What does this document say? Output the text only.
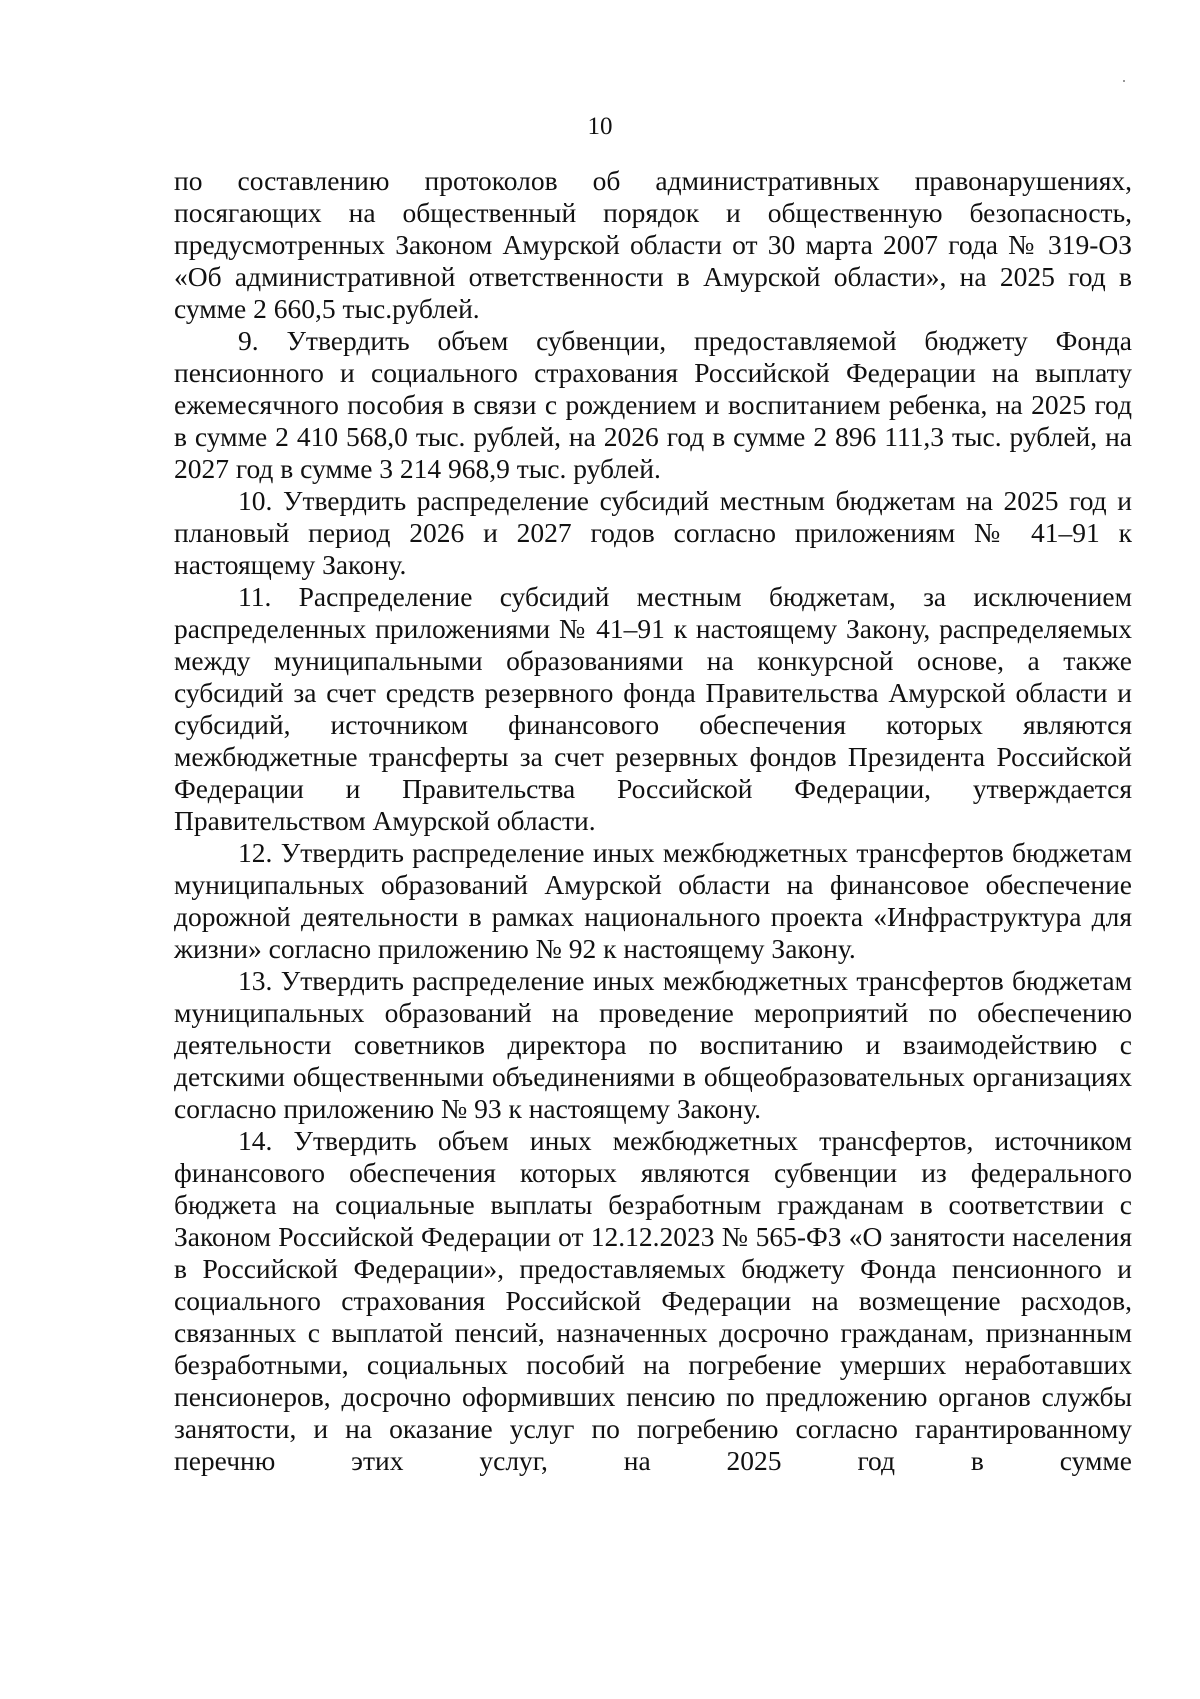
10

по составлению протоколов об административных правонарушениях, посягающих на общественный порядок и общественную безопасность, предусмотренных Законом Амурской области от 30 марта 2007 года № 319-ОЗ «Об административной ответственности в Амурской области», на 2025 год в сумме 2 660,5 тыс.рублей.

9. Утвердить объем субвенции, предоставляемой бюджету Фонда пенсионного и социального страхования Российской Федерации на выплату ежемесячного пособия в связи с рождением и воспитанием ребенка, на 2025 год в сумме 2 410 568,0 тыс. рублей, на 2026 год в сумме 2 896 111,3 тыс. рублей, на 2027 год в сумме 3 214 968,9 тыс. рублей.

10. Утвердить распределение субсидий местным бюджетам на 2025 год и плановый период 2026 и 2027 годов согласно приложениям № 41–91 к настоящему Закону.

11. Распределение субсидий местным бюджетам, за исключением распределенных приложениями № 41–91 к настоящему Закону, распределяемых между муниципальными образованиями на конкурсной основе, а также субсидий за счет средств резервного фонда Правительства Амурской области и субсидий, источником финансового обеспечения которых являются межбюджетные трансферты за счет резервных фондов Президента Российской Федерации и Правительства Российской Федерации, утверждается Правительством Амурской области.

12. Утвердить распределение иных межбюджетных трансфертов бюджетам муниципальных образований Амурской области на финансовое обеспечение дорожной деятельности в рамках национального проекта «Инфраструктура для жизни» согласно приложению № 92 к настоящему Закону.

13. Утвердить распределение иных межбюджетных трансфертов бюджетам муниципальных образований на проведение мероприятий по обеспечению деятельности советников директора по воспитанию и взаимодействию с детскими общественными объединениями в общеобразовательных организациях согласно приложению № 93 к настоящему Закону.

14. Утвердить объем иных межбюджетных трансфертов, источником финансового обеспечения которых являются субвенции из федерального бюджета на социальные выплаты безработным гражданам в соответствии с Законом Российской Федерации от 12.12.2023 № 565-ФЗ «О занятости населения в Российской Федерации», предоставляемых бюджету Фонда пенсионного и социального страхования Российской Федерации на возмещение расходов, связанных с выплатой пенсий, назначенных досрочно гражданам, признанным безработными, социальных пособий на погребение умерших неработавших пенсионеров, досрочно оформивших пенсию по предложению органов службы занятости, и на оказание услуг по погребению согласно гарантированному перечню этих услуг, на 2025 год в сумме
